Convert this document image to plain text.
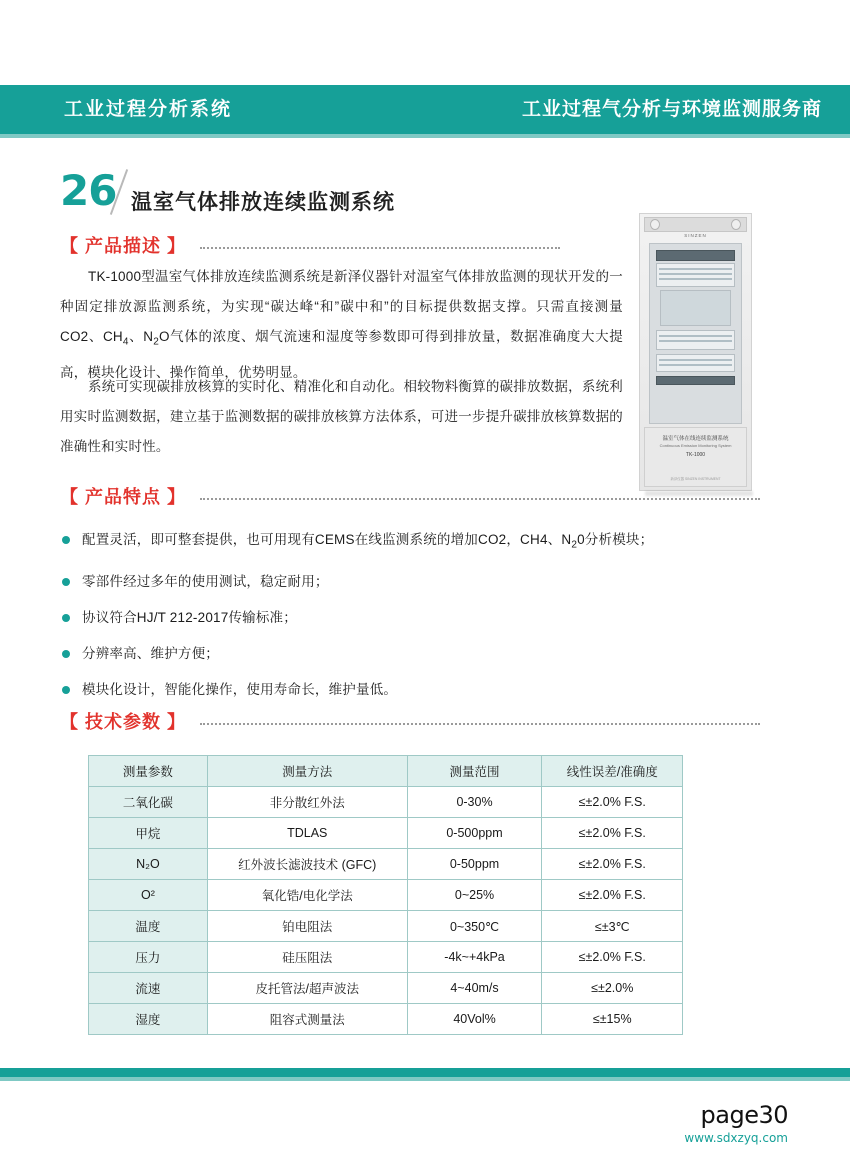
工业过程分析系统	工业过程气分析与环境监测服务商
26 温室气体排放连续监测系统
【 产品描述 】
TK-1000型温室气体排放连续监测系统是新泽仪器针对温室气体排放监测的现状开发的一种固定排放源监测系统，为实现“碳达峰“和”碳中和”的目标提供数据支撑。只需直接测量CO2、$CH_4$、$N_2O$气体的浓度、烟气流速和湿度等参数即可得到排放量，数据准确度大大提高，模块化设计、操作简单，优势明显。
系统可实现碳排放核算的实时化、精准化和自动化。相较物料衡算的碳排放数据，系统利用实时监测数据，建立基于监测数据的碳排放核算方法体系，可进一步提升碳排放核算数据的准确性和实时性。
SINZEN
温室气体在线连续监测系统
Continuous Emission Monitoring System
TK-1000
新泽仪器 SINZEN INSTRUMENT
【 产品特点 】
配置灵活，即可整套提供，也可用现有CEMS在线监测系统的增加CO2，CH4、$N_20$分析模块；
零部件经过多年的使用测试，稳定耐用；
协议符合HJ/T 212-2017传输标准；
分辨率高、维护方便；
模块化设计，智能化操作，使用寿命长，维护量低。
【 技术参数 】
测量参数	测量方法	测量范围	线性误差/准确度
二氧化碳	非分散红外法	0-30%	≤±2.0% F.S.
甲烷	TDLAS	0-500ppm	≤±2.0% F.S.
N₂O	红外波长滤波技术 (GFC)	0-50ppm	≤±2.0% F.S.
O²	氧化锆/电化学法	0~25%	≤±2.0% F.S.
温度	铂电阻法	0~350℃	≤±3℃
压力	硅压阻法	-4k~+4kPa	≤±2.0% F.S.
流速	皮托管法/超声波法	4~40m/s	≤±2.0%
湿度	阻容式测量法	40Vol%	≤±15%
page30
www.sdxzyq.com
